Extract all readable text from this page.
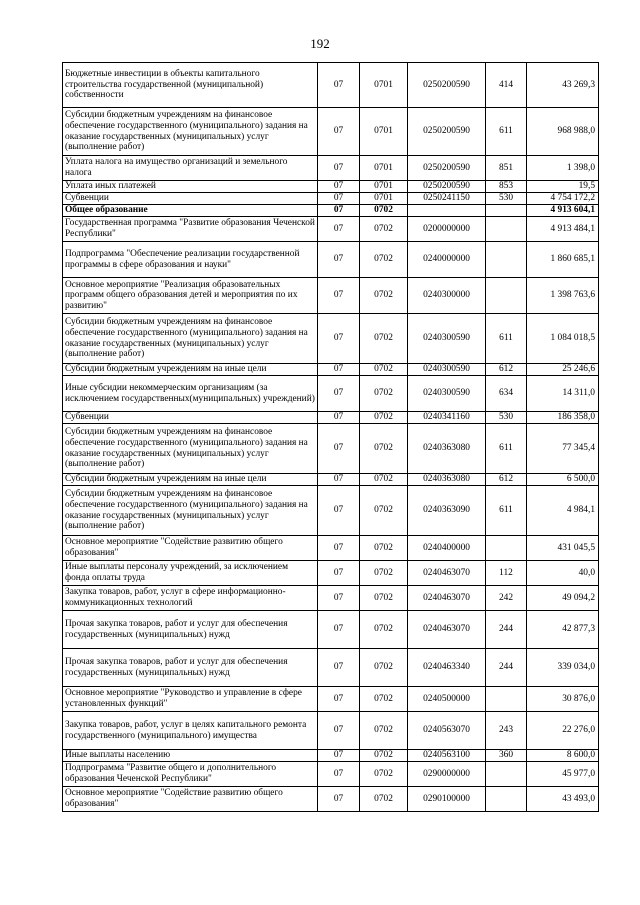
192
Бюджетные инвестиции в объекты капитального строительства государственной (муниципальной) собственности	07	0701	0250200590	414	43 269,3
Субсидии бюджетным учреждениям на финансовое обеспечение государственного (муниципального) задания на оказание государственных (муниципальных) услуг (выполнение работ)	07	0701	0250200590	611	968 988,0
Уплата налога на имущество организаций и земельного налога	07	0701	0250200590	851	1 398,0
Уплата иных платежей	07	0701	0250200590	853	19,5
Субвенции	07	0701	0250241150	530	4 754 172,2
Общее образование	07	0702			4 913 604,1
Государственная программа "Развитие образования Чеченской Республики"	07	0702	0200000000		4 913 484,1
Подпрограмма "Обеспечение реализации государственной программы в сфере образования и науки"	07	0702	0240000000		1 860 685,1
Основное мероприятие "Реализация образовательных программ общего образования детей и мероприятия по их развитию"	07	0702	0240300000		1 398 763,6
Субсидии бюджетным учреждениям на финансовое обеспечение государственного (муниципального) задания на оказание государственных (муниципальных) услуг (выполнение работ)	07	0702	0240300590	611	1 084 018,5
Субсидии бюджетным учреждениям на иные цели	07	0702	0240300590	612	25 246,6
Иные субсидии некоммерческим организациям (за исключением государственных(муниципальных) учреждений)	07	0702	0240300590	634	14 311,0
Субвенции	07	0702	0240341160	530	186 358,0
Субсидии бюджетным учреждениям на финансовое обеспечение государственного (муниципального) задания на оказание государственных (муниципальных) услуг (выполнение работ)	07	0702	0240363080	611	77 345,4
Субсидии бюджетным учреждениям на иные цели	07	0702	0240363080	612	6 500,0
Субсидии бюджетным учреждениям на финансовое обеспечение государственного (муниципального) задания на оказание государственных (муниципальных) услуг (выполнение работ)	07	0702	0240363090	611	4 984,1
Основное мероприятие "Содействие развитию общего образования"	07	0702	0240400000		431 045,5
Иные выплаты персоналу учреждений, за исключением фонда оплаты труда	07	0702	0240463070	112	40,0
Закупка товаров, работ, услуг в сфере информационно-коммуникационных технологий	07	0702	0240463070	242	49 094,2
Прочая закупка товаров, работ и услуг для обеспечения государственных (муниципальных) нужд	07	0702	0240463070	244	42 877,3
Прочая закупка товаров, работ и услуг для обеспечения государственных (муниципальных) нужд	07	0702	0240463340	244	339 034,0
Основное мероприятие "Руководство и управление в сфере установленных функций"	07	0702	0240500000		30 876,0
Закупка товаров, работ, услуг в целях капитального ремонта государственного (муниципального) имущества	07	0702	0240563070	243	22 276,0
Иные выплаты населению	07	0702	0240563100	360	8 600,0
Подпрограмма "Развитие общего и дополнительного образования Чеченской Республики"	07	0702	0290000000		45 977,0
Основное мероприятие "Содействие развитию общего образования"	07	0702	0290100000		43 493,0
